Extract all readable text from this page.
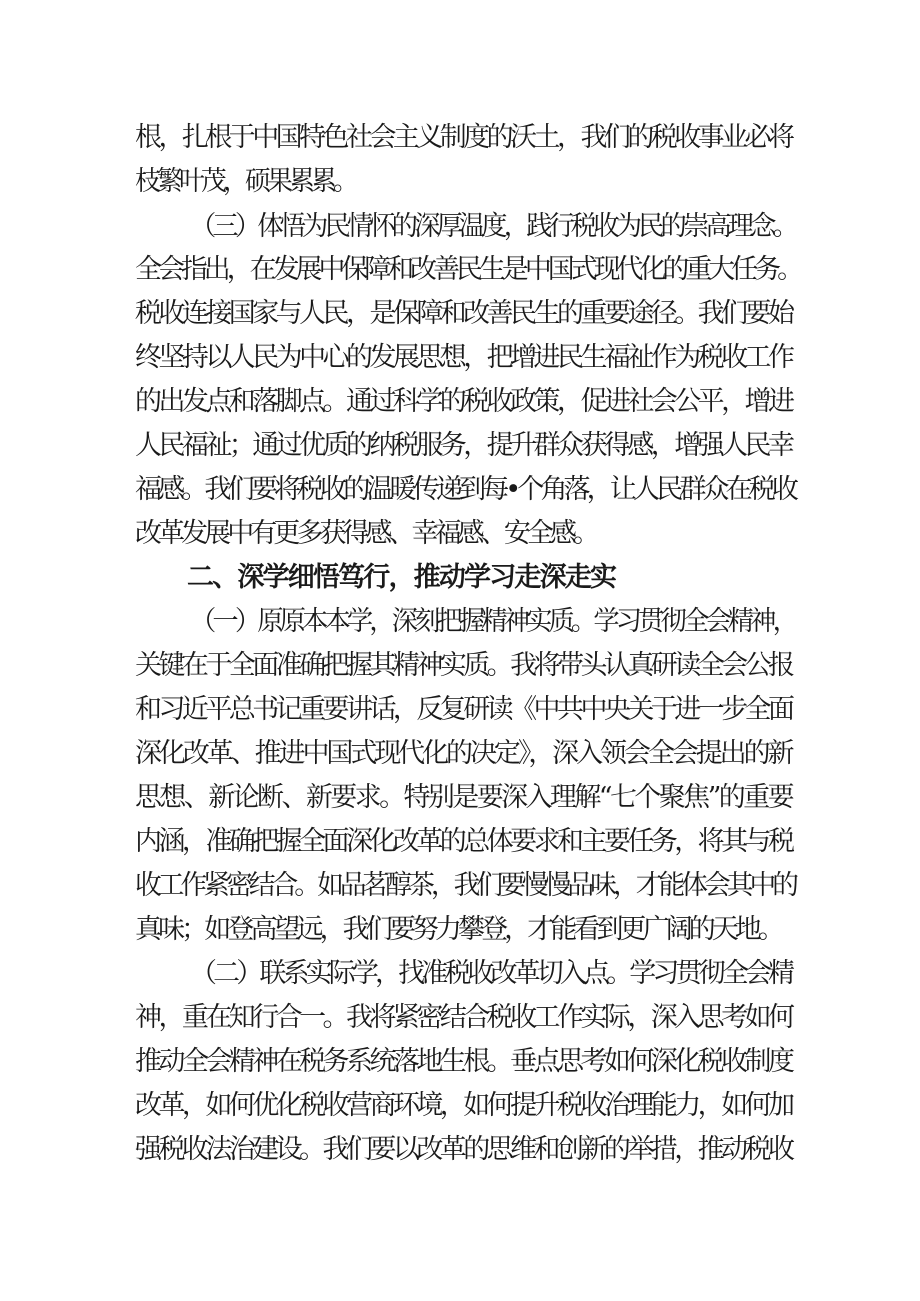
根，扎根于中国特色社会主义制度的沃土，我们的税收事业必将
枝繁叶茂，硕果累累。
（三）体悟为民情怀的深厚温度，践行税收为民的崇高理念。
全会指出，在发展中保障和改善民生是中国式现代化的重大任务。
税收连接国家与人民，是保障和改善民生的重要途径。我们要始
终坚持以人民为中心的发展思想，把增进民生福祉作为税收工作
的出发点和落脚点。通过科学的税收政策，促进社会公平，增进
人民福祉；通过优质的纳税服务，提升群众获得感，增强人民幸
福感。我们要将税收的温暖传递到每•个角落，让人民群众在税收
改革发展中有更多获得感、幸福感、安全感。
二、深学细悟笃行，推动学习走深走实
（一）原原本本学，深刻把握精神实质。学习贯彻全会精神，
关键在于全面准确把握其精神实质。我将带头认真研读全会公报
和习近平总书记重要讲话，反复研读《中共中央关于进一步全面
深化改革、推进中国式现代化的决定》，深入领会全会提出的新
思想、新论断、新要求。特别是要深入理解“七个聚焦”的重要
内涵，准确把握全面深化改革的总体要求和主要任务，将其与税
收工作紧密结合。如品茗醇茶，我们要慢慢品味，才能体会其中的
真味；如登高望远，我们要努力攀登，才能看到更广阔的天地。
（二）联系实际学，找准税收改革切入点。学习贯彻全会精
神，重在知行合一。我将紧密结合税收工作实际，深入思考如何
推动全会精神在税务系统落地生根。垂点思考如何深化税收制度
改革，如何优化税收营商环境，如何提升税收治理能力，如何加
强税收法治建设。我们要以改革的思维和创新的举措，推动税收
